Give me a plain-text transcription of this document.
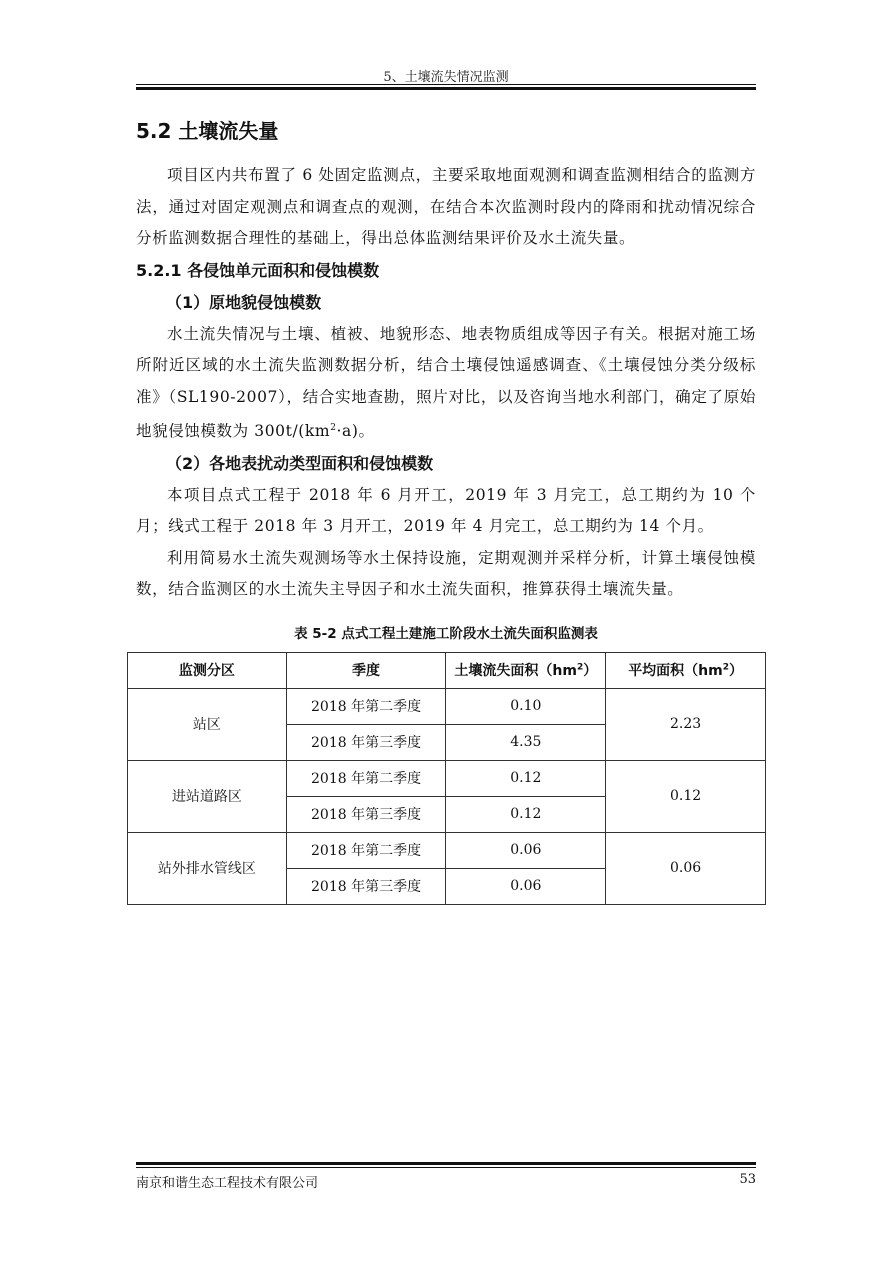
5、土壤流失情况监测
5.2 土壤流失量

项目区内共布置了 6 处固定监测点，主要采取地面观测和调查监测相结合的监测方法，通过对固定观测点和调查点的观测，在结合本次监测时段内的降雨和扰动情况综合分析监测数据合理性的基础上，得出总体监测结果评价及水土流失量。

5.2.1 各侵蚀单元面积和侵蚀模数
（1）原地貌侵蚀模数

水土流失情况与土壤、植被、地貌形态、地表物质组成等因子有关。根据对施工场所附近区域的水土流失监测数据分析，结合土壤侵蚀遥感调查、《土壤侵蚀分类分级标准》（SL190-2007），结合实地查勘，照片对比，以及咨询当地水利部门，确定了原始地貌侵蚀模数为 $300t/(km^2\cdot a)$。

（2）各地表扰动类型面积和侵蚀模数

本项目点式工程于 2018 年 6 月开工，2019 年 3 月完工，总工期约为 10 个月；线式工程于 2018 年 3 月开工，2019 年 4 月完工，总工期约为 14 个月。

利用简易水土流失观测场等水土保持设施，定期观测并采样分析，计算土壤侵蚀模数，结合监测区的水土流失主导因子和水土流失面积，推算获得土壤流失量。

表 5-2 点式工程土建施工阶段水土流失面积监测表
监测分区	季度	土壤流失面积$(hm^2)$	平均面积$(hm^2)$
站区	2018 年第二季度	0.10	2.23
	2018 年第三季度	4.35	
进站道路区	2018 年第二季度	0.12	0.12
	2018 年第三季度	0.12	
站外排水管线区	2018 年第二季度	0.06	0.06
	2018 年第三季度	0.06	
南京和谐生态工程技术有限公司	53
